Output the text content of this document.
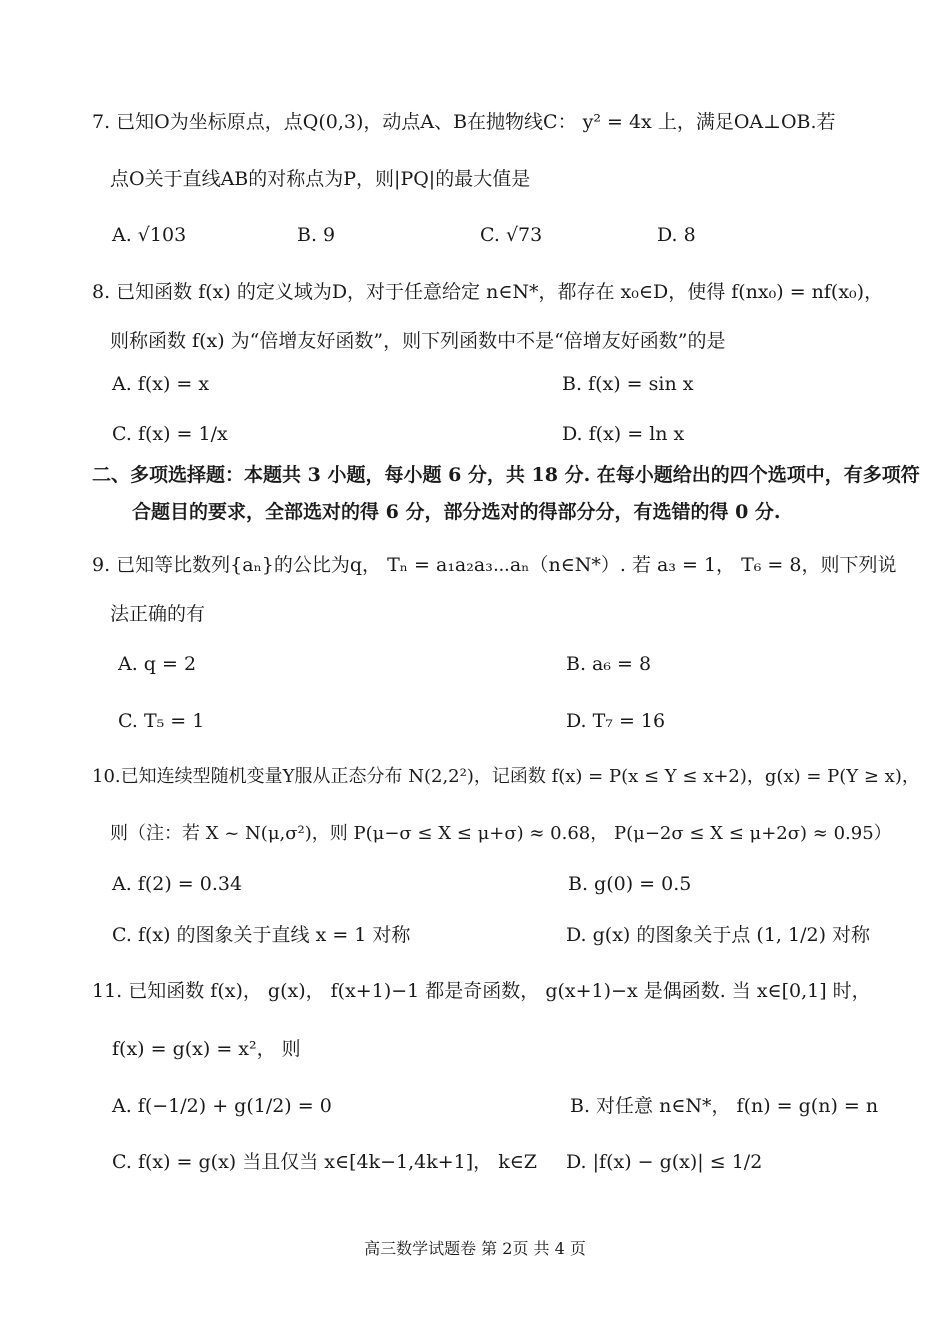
7. 已知O为坐标原点，点Q(0,3)，动点A、B在抛物线C： y² = 4x 上，满足OA⊥OB.若
点O关于直线AB的对称点为P，则|PQ|的最大值是
A. √103	B. 9	C. √73	D. 8
8. 已知函数 f(x) 的定义域为D，对于任意给定 n∈N*，都存在 x₀∈D，使得 f(nx₀) = nf(x₀)，
则称函数 f(x) 为“倍增友好函数”，则下列函数中不是“倍增友好函数”的是
A. f(x) = x	B. f(x) = sin x
C. f(x) = 1/x	D. f(x) = ln x
二、多项选择题：本题共 3 小题，每小题 6 分，共 18 分. 在每小题给出的四个选项中，有多项符
合题目的要求，全部选对的得 6 分，部分选对的得部分分，有选错的得 0 分.
9. 已知等比数列{aₙ}的公比为q， Tₙ = a₁a₂a₃⋯aₙ（n∈N*）. 若 a₃ = 1， T₆ = 8，则下列说
法正确的有
A. q = 2	B. a₆ = 8
C. T₅ = 1	D. T₇ = 16
10.已知连续型随机变量Y服从正态分布 N(2,2²)，记函数 f(x) = P(x ≤ Y ≤ x+2)，g(x) = P(Y ≥ x)，
则（注：若 X ~ N(μ,σ²)，则 P(μ−σ ≤ X ≤ μ+σ) ≈ 0.68， P(μ−2σ ≤ X ≤ μ+2σ) ≈ 0.95）
A. f(2) = 0.34	B. g(0) = 0.5
C. f(x) 的图象关于直线 x = 1 对称	D. g(x) 的图象关于点 (1, 1/2) 对称
11. 已知函数 f(x)， g(x)， f(x+1)−1 都是奇函数， g(x+1)−x 是偶函数. 当 x∈[0,1] 时，
f(x) = g(x) = x²， 则
A. f(−1/2) + g(1/2) = 0	B. 对任意 n∈N*， f(n) = g(n) = n
C. f(x) = g(x) 当且仅当 x∈[4k−1,4k+1]， k∈Z D. |f(x) − g(x)| ≤ 1/2
高三数学试题卷 第 2页 共 4 页
